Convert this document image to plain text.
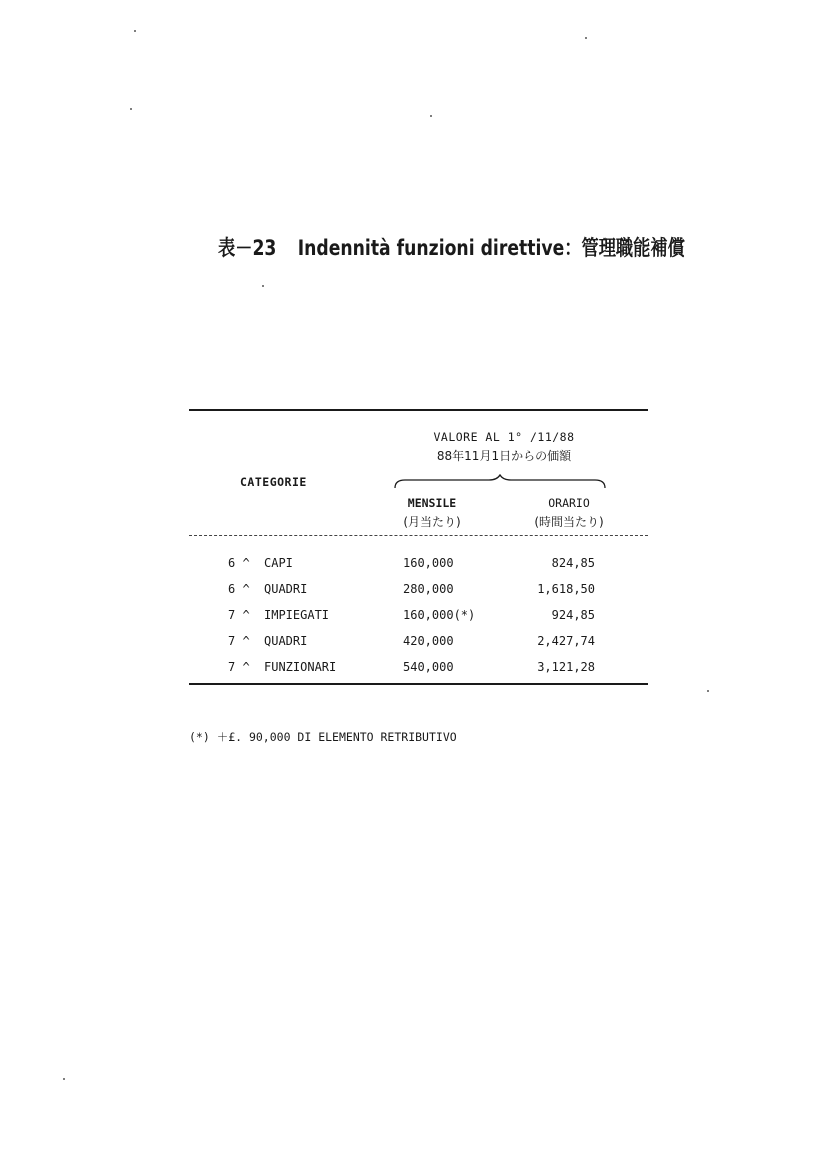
表－23 Indennità funzioni direttive：管理職能補償
VALORE AL 1° /11/88
88年11月1日からの価額
CATEGORIE
MENSILE
(月当たり)
ORARIO
(時間当たり)
6 ^ CAPI	160,000	824,85
6 ^ QUADRI	280,000	1,618,50
7 ^ IMPIEGATI	160,000(*)	924,85
7 ^ QUADRI	420,000	2,427,74
7 ^ FUNZIONARI	540,000	3,121,28
(*) ＋£. 90,000 DI ELEMENTO RETRIBUTIVO
